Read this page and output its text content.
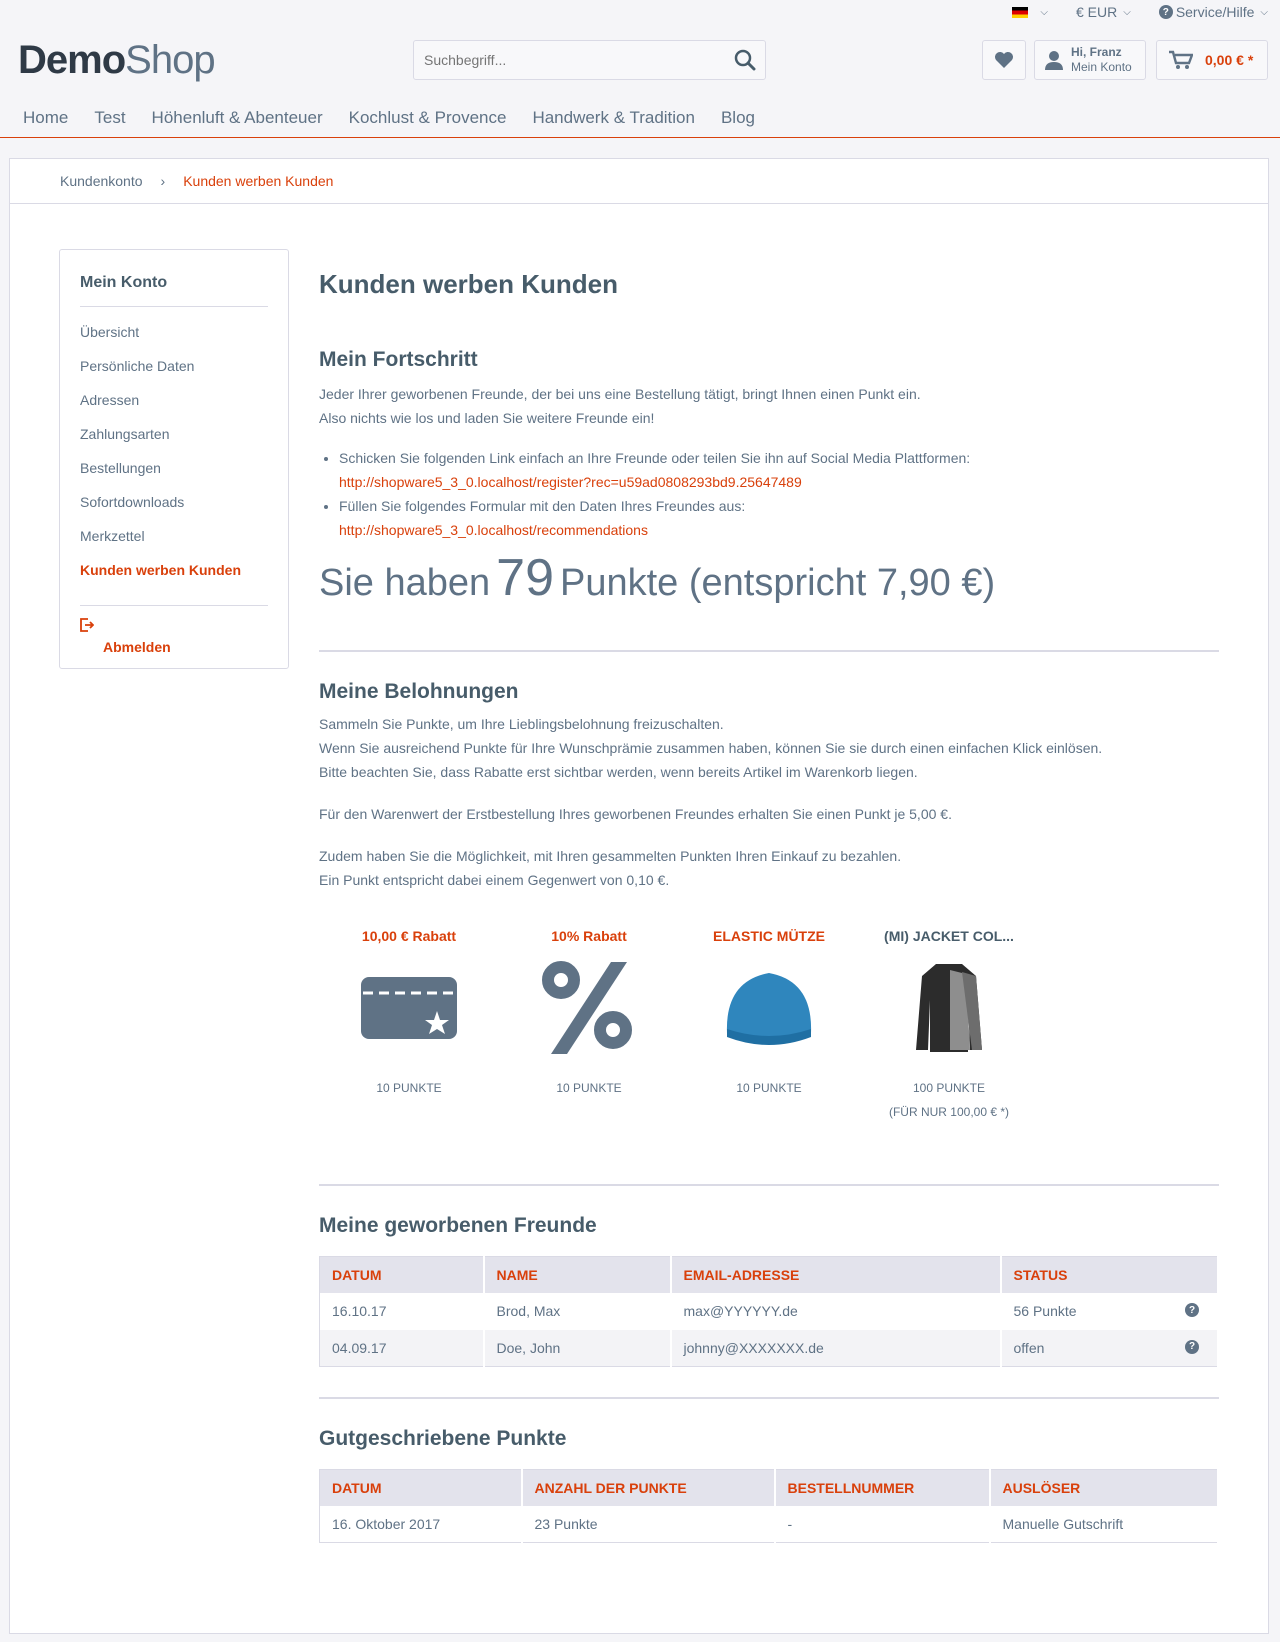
⌵ € EUR ⌵	? Service/Hilfe ⌵
DemoShop
Suchbegriff...	Hi, Franz
Mein Konto	0,00 € *
Home	Test	Höhenluft & Abenteuer	Kochlust & Provence	Handwerk & Tradition	Blog
Kundenkonto › Kunden werben Kunden
Mein Konto
Übersicht
Persönliche Daten
Adressen
Zahlungsarten
Bestellungen
Sofortdownloads
Merkzettel
Kunden werben Kunden
Abmelden
Kunden werben Kunden
Mein Fortschritt
Jeder Ihrer geworbenen Freunde, der bei uns eine Bestellung tätigt, bringt Ihnen einen Punkt ein.
Also nichts wie los und laden Sie weitere Freunde ein!
• Schicken Sie folgenden Link einfach an Ihre Freunde oder teilen Sie ihn auf Social Media Plattformen:
http://shopware5_3_0.localhost/register?rec=u59ad0808293bd9.25647489
• Füllen Sie folgendes Formular mit den Daten Ihres Freundes aus:
http://shopware5_3_0.localhost/recommendations
Sie haben 79 Punkte (entspricht 7,90 €)
Meine Belohnungen
Sammeln Sie Punkte, um Ihre Lieblingsbelohnung freizuschalten.
Wenn Sie ausreichend Punkte für Ihre Wunschprämie zusammen haben, können Sie sie durch einen einfachen Klick einlösen.
Bitte beachten Sie, dass Rabatte erst sichtbar werden, wenn bereits Artikel im Warenkorb liegen.
Für den Warenwert der Erstbestellung Ihres geworbenen Freundes erhalten Sie einen Punkt je 5,00 €.
Zudem haben Sie die Möglichkeit, mit Ihren gesammelten Punkten Ihren Einkauf zu bezahlen.
Ein Punkt entspricht dabei einem Gegenwert von 0,10 €.
10,00 € Rabatt
10 PUNKTE
10% Rabatt
10 PUNKTE
ELASTIC MÜTZE
10 PUNKTE
(MI) JACKET COL...
100 PUNKTE
(FÜR NUR 100,00 € *)
Meine geworbenen Freunde
DATUM	NAME	EMAIL-ADRESSE	STATUS
16.10.17	Brod, Max	max@YYYYYY.de	56 Punkte ?

04.09.17	Doe, John	johnny@XXXXXXX.de	offen ?
Gutgeschriebene Punkte
DATUM	ANZAHL DER PUNKTE	BESTELLNUMMER	AUSLÖSER
16. Oktober 2017	23 Punkte	-	Manuelle Gutschrift
